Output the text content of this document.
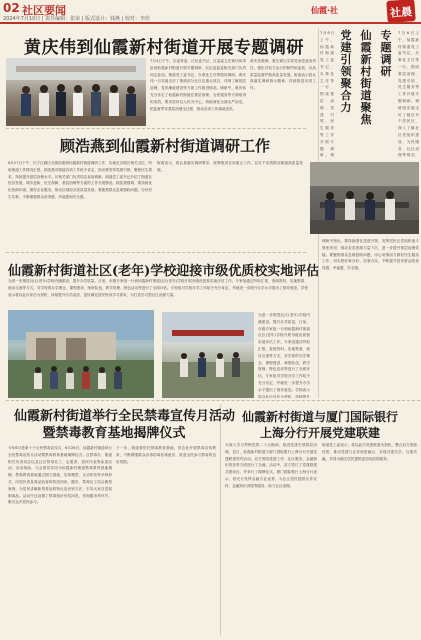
02 社区要闻
2024年7月10日 | 责任编辑：张荣 | 版式设计：钱燕 | 校对：李佳
仙霞·社	社晨
黄庆伟到仙霞新村街道开展专题调研
7月4日下午，区委常委、区纪委书记、区监委主任黄庆伟带队到仙霞新村街道开展专题调研，区纪委监委相关部门负责同志参加。街道党工委书记、办事处主任等陪同调研。黄庆伟一行实地走访了街道部分社区及重点项目，详细了解基层治理、党风廉政建设等方面工作推进情况。调研中，黄庆伟充分肯定了仙霞新村街道在基层治理、为民服务等方面取得的成效，要求坚持以人民为中心，持续深化全面从严治党，把监督贯穿基层治理全过程，推动各项工作落地见效。
黄庆伟强调，要压紧压实管党治党政治责任，强化对权力运行的制约和监督，以高质量监督护航高质量发展。街道表示将认真落实调研指示精神，持续推进各项工作。
顾浩燕到仙霞新村街道调研工作
6月27日下午，长宁区副区长顾浩燕到仙霞新村街道调研工作，实地走访辖区相关点位，听取街道工作情况汇报。顾浩燕对街道各项工作给予肯定，指出要坚持党建引领，聚焦民生需求，持续提升基层治理水平。区相关部门负责同志参加调研。街道党工委书记介绍了街道在经济发展、城市更新、民生保障、基层治理等方面的工作开展情况。顾浩燕强调，要持续优化营商环境，做好企业服务，推动区域经济高质量发展；要聚焦群众急难愁盼问题，办好民生实事，不断增强群众获得感、幸福感和安全感。
街道表示，将认真落实调研要求，统筹推进各项重点工作，以实干实绩推动街道高质量发展。
仙霞新村街道社区(老年)学校迎接市级优质校实地评估
为进一步推进社区(老年)学校内涵建设，提升办学质量，日前，市级专家组一行到仙霞新村街道社区(老年)学校开展市级优质校实地评估工作。专家组通过听取汇报、查阅资料、实地察看、座谈交流等方式，对学校的办学理念、课程建设、师资队伍、教学管理、特色活动等进行了全面评估。专家组对学校办学工作给予充分肯定，并就进一步提升办学水平提出了指导意见。学校表示将以此次评估为契机，持续提升办学品质，更好满足居民终身学习需求，为打造学习型社区贡献力量。
为进一步推进社区(老年)学校内涵建设，提升办学质量，日前，市级专家组一行到仙霞新村街道社区(老年)学校开展市级优质校实地评估工作。专家组通过听取汇报、查阅资料、实地察看、座谈交流等方式，对学校的办学理念、课程建设、师资队伍、教学管理、特色活动等进行了全面评估。专家组对学校办学工作给予充分肯定，并就进一步提升办学水平提出了指导意见。学校表示将以此次评估为契机，持续提升
仙霞新村街道举行全民禁毒宣传月活动
暨禁毒教育基地揭牌仪式
今年6月是第十个全民禁毒宣传月，6月26日，仙霞新村街道举行全民禁毒宣传月活动暨禁毒教育基地揭牌仪式。区禁毒办、街道相关负责同志以及社区禁毒社工、志愿者、居民代表等参加活动。活动现场，与会领导共同为仙霞新村街道禁毒教育基地揭牌。禁毒教育基地通过图文展板、实物模型、互动体验等多种形式，向居民普及毒品危害和防范知识。随后，禁毒社工结合典型案例，为居民讲解新型毒品的特点及识别方法，引导大家自觉抵制毒品。活动中还设置了禁毒知识有奖问答、咨询服务等环节，吸引众多居民参与。
下一步，街道将依托禁毒教育基地，常态化开展禁毒宣传教育，不断增强群众识毒防毒拒毒意识，营造全民参与禁毒的良好氛围。
仙霞新村街道与厦门国际银行
上海分行开展党建联建
为深入学习贯彻党的二十大精神，推进党建引领基层治理，近日，仙霞新村街道与厦门国际银行上海分行开展党建联建签约活动。双方围绕党建工作、社区服务、金融知识普及等方面进行了交流。活动中，双方签订了党建联建共建协议，并举行了揭牌仪式。厦门国际银行上海分行表示，将充分发挥金融专业优势，为社区居民提供反诈宣传、金融知识讲座等服务，助力社区治理。
街道党工委表示，将以此次党建联建为契机，整合双方资源优势，推动党建与业务深度融合，实现共建共享、互促共赢，共同为辖区居民提供更加优质的服务。
党
建
引
领
聚
合
力
仙
霞
新
村
街
道
聚
焦
专
题
调
研
7月6日上午，仙霞新村街道党工委书记、办事处主任等一行，围绕基层治理、党建引领、民生服务等工作开展专题调研。调
7月6日上午，仙霞新村街道党工委书记、办事处主任等一行，围绕基层治理、党建引领、民生服务等工作开展专题调研。调研组实地走访了辖区多个居民区，深入了解社区党组织建设、为民服务、社区治理等情况，
调研中指出，要持续强化党建引领，发挥居民区党组织战斗堡垒作用，推动各类资源力量下沉，进一步提升基层治理效能。要聚焦群众急难愁盼问题，用心用情用力做好民生服务工作，切实把好事办好、实事办实，不断提升居民群众的获得感、幸福感、安全感。
